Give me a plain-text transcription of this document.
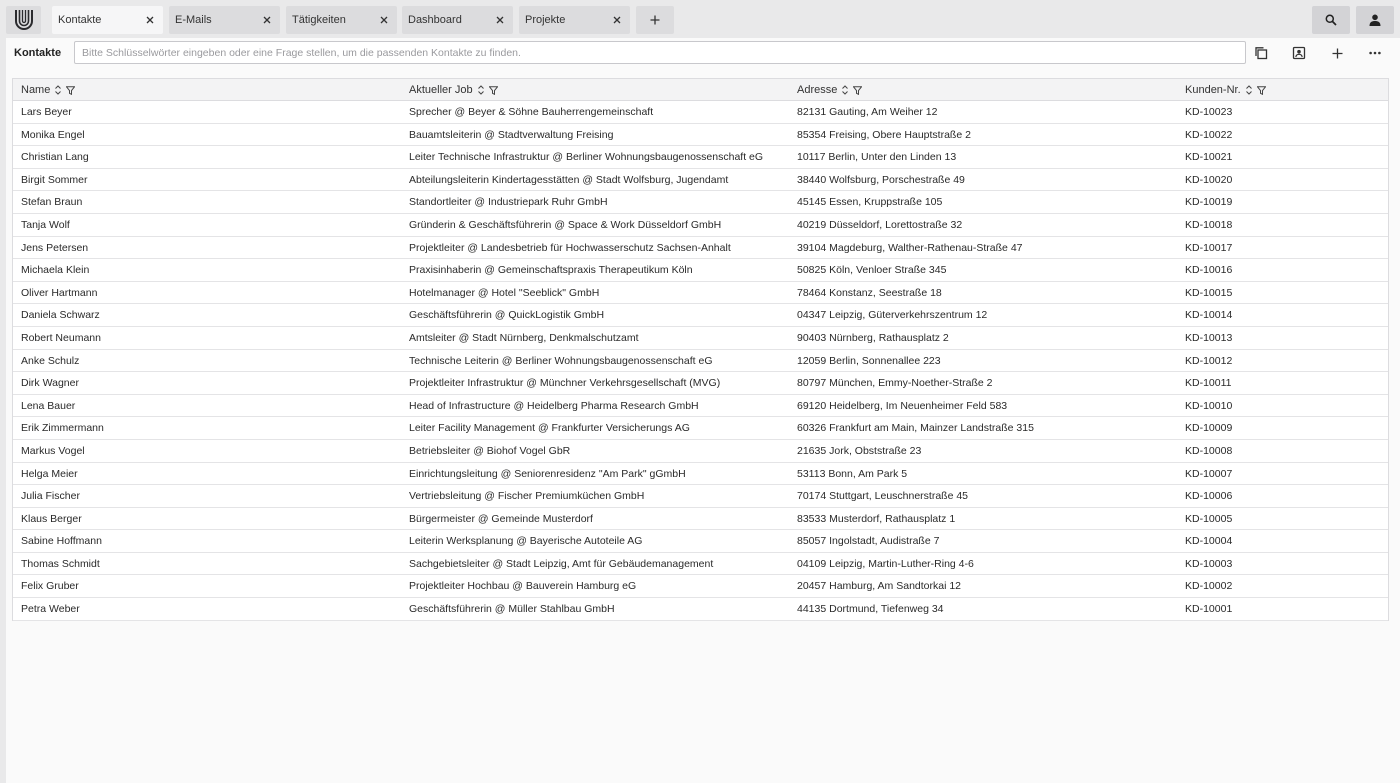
Kontakte	E-Mails	Tätigkeiten	Dashboard	Projekte
Kontakte
Bitte Schlüsselwörter eingeben oder eine Frage stellen, um die passenden Kontakte zu finden.
Name	Aktueller Job	Adresse	Kunden-Nr.
Lars Beyer	Sprecher @ Beyer & Söhne Bauherrengemeinschaft	82131 Gauting, Am Weiher 12	KD-10023
Monika Engel	Bauamtsleiterin @ Stadtverwaltung Freising	85354 Freising, Obere Hauptstraße 2	KD-10022
Christian Lang	Leiter Technische Infrastruktur @ Berliner Wohnungsbaugenossenschaft eG	10117 Berlin, Unter den Linden 13	KD-10021
Birgit Sommer	Abteilungsleiterin Kindertagesstätten @ Stadt Wolfsburg, Jugendamt	38440 Wolfsburg, Porschestraße 49	KD-10020
Stefan Braun	Standortleiter @ Industriepark Ruhr GmbH	45145 Essen, Kruppstraße 105	KD-10019
Tanja Wolf	Gründerin & Geschäftsführerin @ Space & Work Düsseldorf GmbH	40219 Düsseldorf, Lorettostraße 32	KD-10018
Jens Petersen	Projektleiter @ Landesbetrieb für Hochwasserschutz Sachsen-Anhalt	39104 Magdeburg, Walther-Rathenau-Straße 47	KD-10017
Michaela Klein	Praxisinhaberin @ Gemeinschaftspraxis Therapeutikum Köln	50825 Köln, Venloer Straße 345	KD-10016
Oliver Hartmann	Hotelmanager @ Hotel "Seeblick" GmbH	78464 Konstanz, Seestraße 18	KD-10015
Daniela Schwarz	Geschäftsführerin @ QuickLogistik GmbH	04347 Leipzig, Güterverkehrszentrum 12	KD-10014
Robert Neumann	Amtsleiter @ Stadt Nürnberg, Denkmalschutzamt	90403 Nürnberg, Rathausplatz 2	KD-10013
Anke Schulz	Technische Leiterin @ Berliner Wohnungsbaugenossenschaft eG	12059 Berlin, Sonnenallee 223	KD-10012
Dirk Wagner	Projektleiter Infrastruktur @ Münchner Verkehrsgesellschaft (MVG)	80797 München, Emmy-Noether-Straße 2	KD-10011
Lena Bauer	Head of Infrastructure @ Heidelberg Pharma Research GmbH	69120 Heidelberg, Im Neuenheimer Feld 583	KD-10010
Erik Zimmermann	Leiter Facility Management @ Frankfurter Versicherungs AG	60326 Frankfurt am Main, Mainzer Landstraße 315	KD-10009
Markus Vogel	Betriebsleiter @ Biohof Vogel GbR	21635 Jork, Obststraße 23	KD-10008
Helga Meier	Einrichtungsleitung @ Seniorenresidenz "Am Park" gGmbH	53113 Bonn, Am Park 5	KD-10007
Julia Fischer	Vertriebsleitung @ Fischer Premiumküchen GmbH	70174 Stuttgart, Leuschnerstraße 45	KD-10006
Klaus Berger	Bürgermeister @ Gemeinde Musterdorf	83533 Musterdorf, Rathausplatz 1	KD-10005
Sabine Hoffmann	Leiterin Werksplanung @ Bayerische Autoteile AG	85057 Ingolstadt, Audistraße 7	KD-10004
Thomas Schmidt	Sachgebietsleiter @ Stadt Leipzig, Amt für Gebäudemanagement	04109 Leipzig, Martin-Luther-Ring 4-6	KD-10003
Felix Gruber	Projektleiter Hochbau @ Bauverein Hamburg eG	20457 Hamburg, Am Sandtorkai 12	KD-10002
Petra Weber	Geschäftsführerin @ Müller Stahlbau GmbH	44135 Dortmund, Tiefenweg 34	KD-10001
